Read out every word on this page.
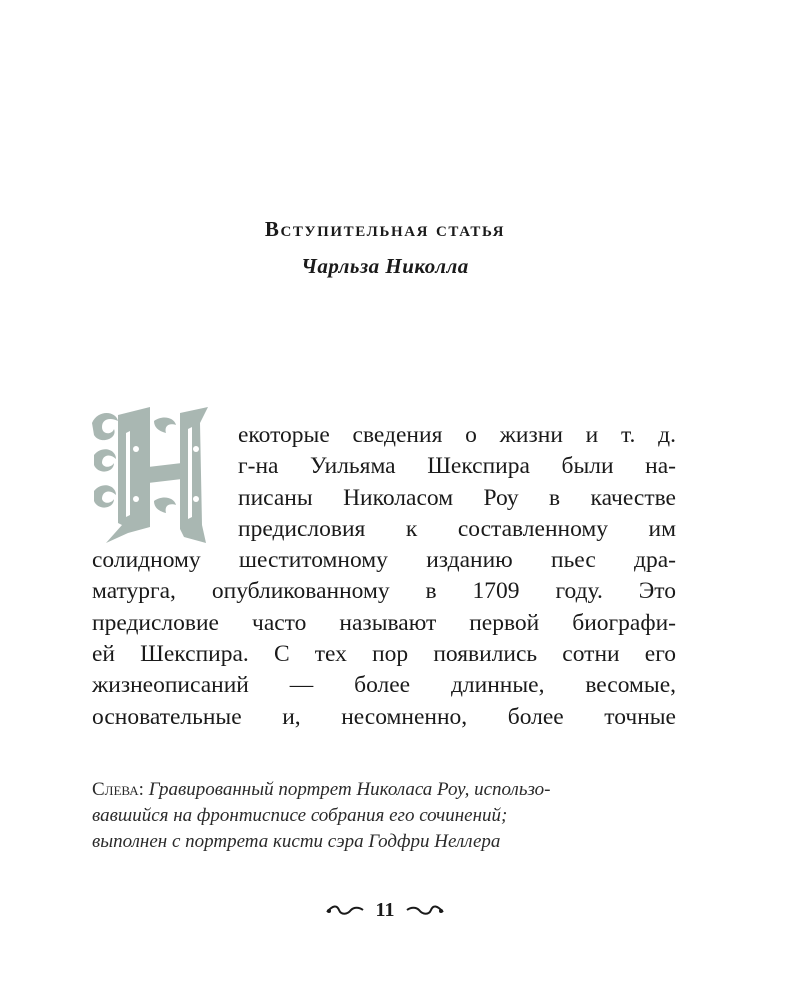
Вступительная статья
Чарльза Николла
екоторые сведения о жизни и т. д.
г-на Уильяма Шекспира были на-
писаны Николасом Роу в качестве
предисловия к составленному им
солидному шеститомному изданию пьес дра-
матурга, опубликованному в 1709 году. Это
предисловие часто называют первой биографи-
ей Шекспира. С тех пор появились сотни его
жизнеописаний — более длинные, весомые,
основательные и, несомненно, более точные
Слева: Гравированный портрет Николаса Роу, использо-
вавшийся на фронтисписе собрания его сочинений;
выполнен с портрета кисти сэра Годфри Неллера
11
